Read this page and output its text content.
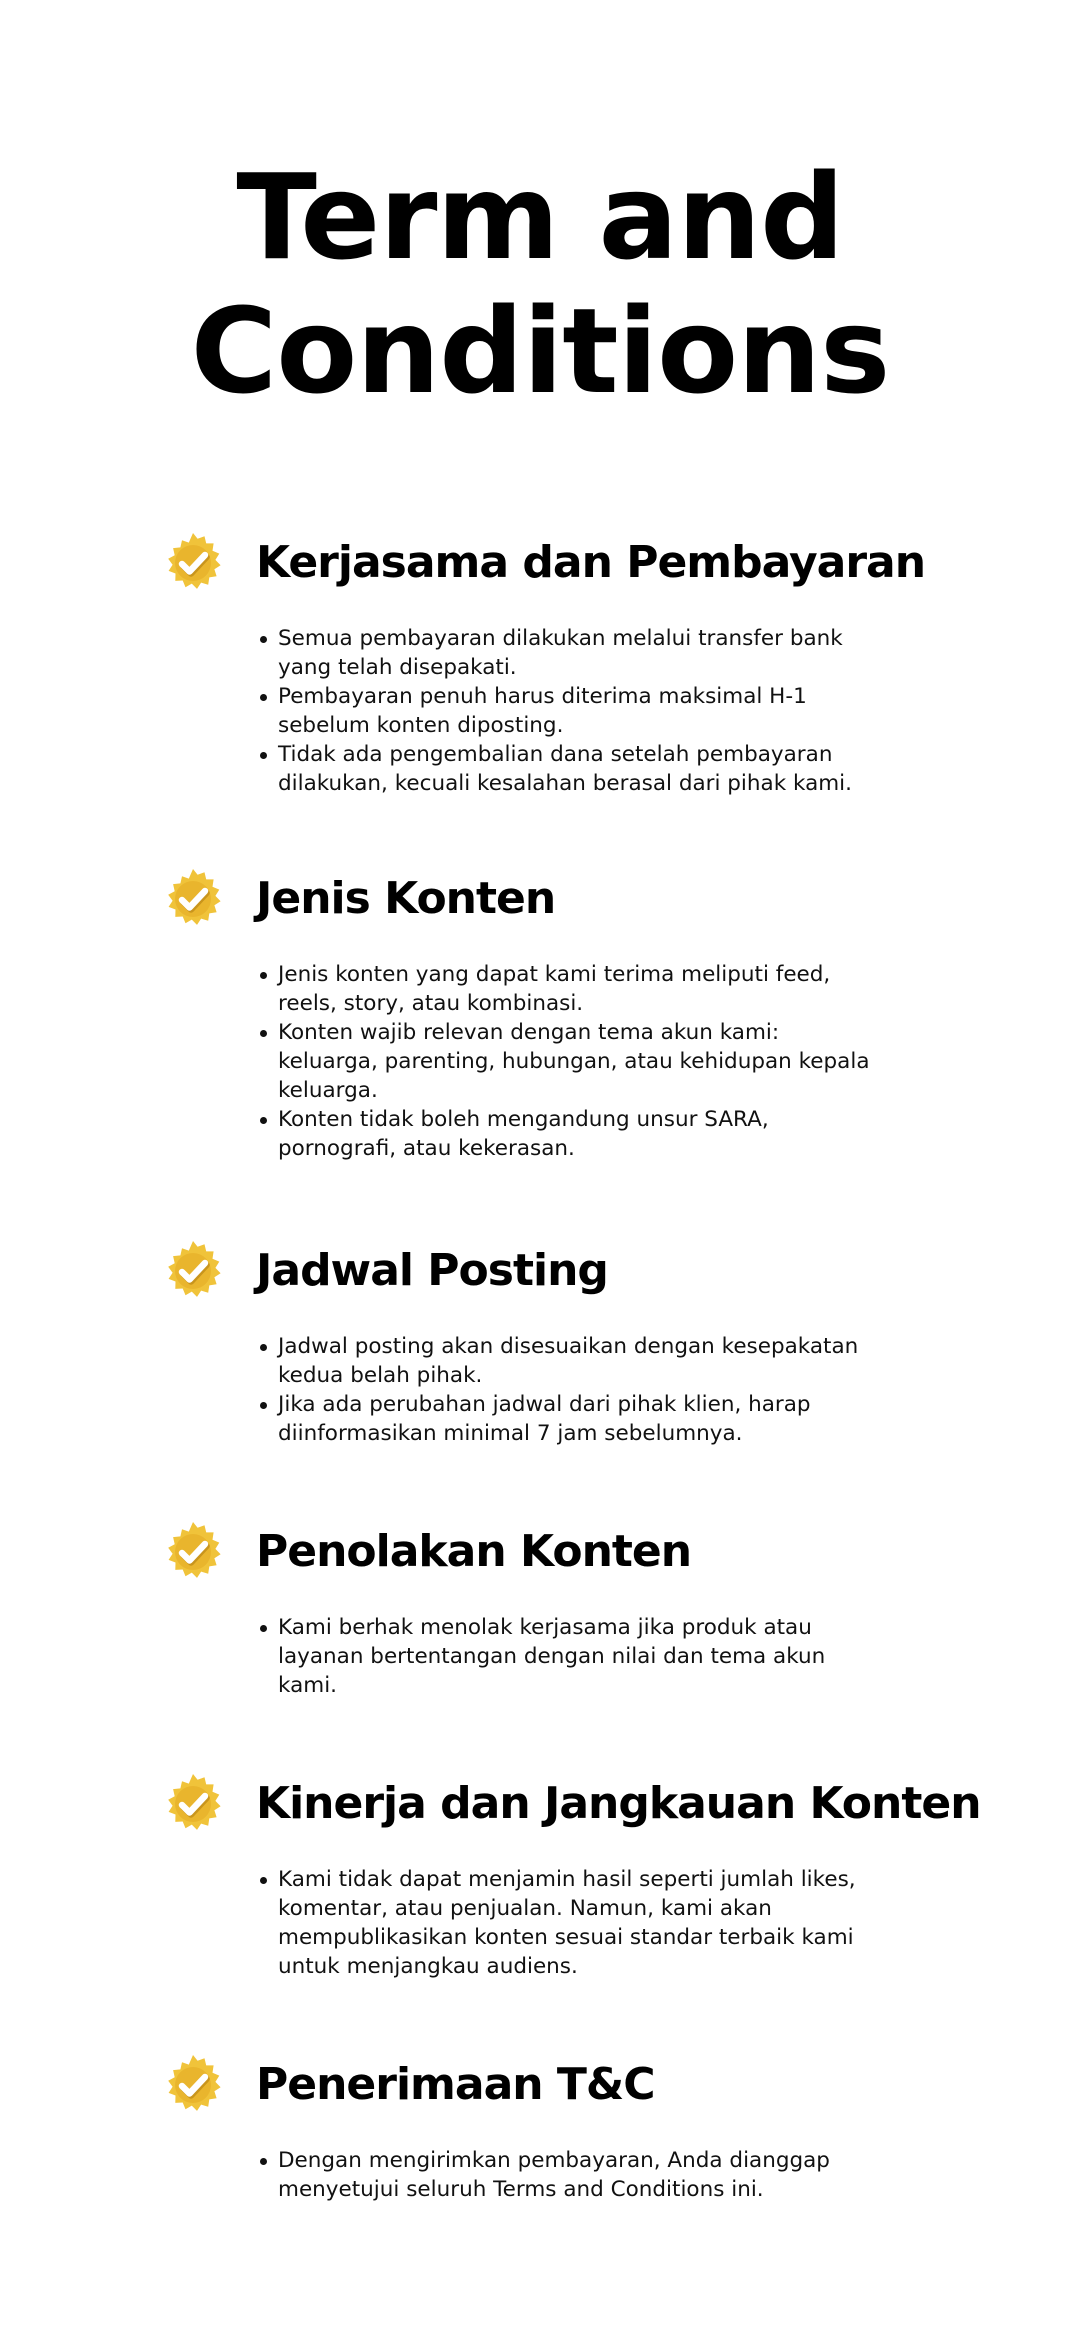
Term and
Conditions
Kerjasama dan Pembayaran
Semua pembayaran dilakukan melalui transfer bank yang telah disepakati.
Pembayaran penuh harus diterima maksimal H-1 sebelum konten diposting.
Tidak ada pengembalian dana setelah pembayaran dilakukan, kecuali kesalahan berasal dari pihak kami.
Jenis Konten
Jenis konten yang dapat kami terima meliputi feed, reels, story, atau kombinasi.
Konten wajib relevan dengan tema akun kami: keluarga, parenting, hubungan, atau kehidupan kepala keluarga.
Konten tidak boleh mengandung unsur SARA, pornografi, atau kekerasan.
Jadwal Posting
Jadwal posting akan disesuaikan dengan kesepakatan kedua belah pihak.
Jika ada perubahan jadwal dari pihak klien, harap diinformasikan minimal 7 jam sebelumnya.
Penolakan Konten
Kami berhak menolak kerjasama jika produk atau layanan bertentangan dengan nilai dan tema akun kami.
Kinerja dan Jangkauan Konten
Kami tidak dapat menjamin hasil seperti jumlah likes, komentar, atau penjualan. Namun, kami akan mempublikasikan konten sesuai standar terbaik kami untuk menjangkau audiens.
Penerimaan T&C
Dengan mengirimkan pembayaran, Anda dianggap menyetujui seluruh Terms and Conditions ini.
